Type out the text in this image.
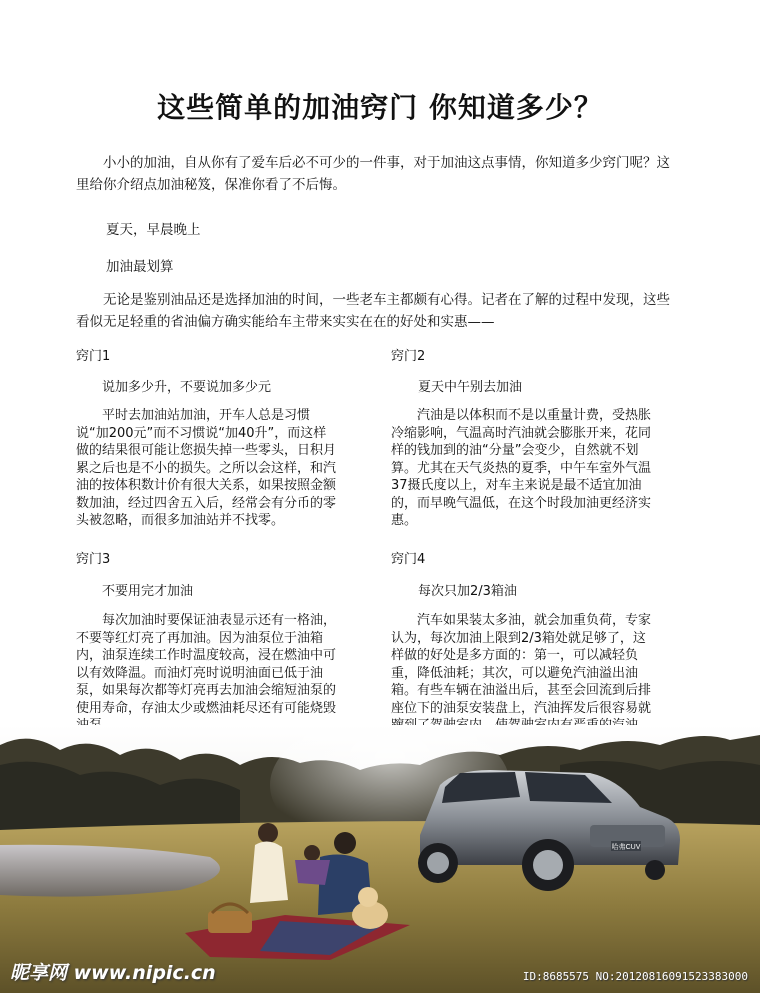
这些简单的加油窍门 你知道多少？
小小的加油，自从你有了爱车后必不可少的一件事，对于加油这点事情，你知道多少窍门呢？这里给你介绍点加油秘笈，保准你看了不后悔。
夏天，早晨晚上
加油最划算
无论是鉴别油品还是选择加油的时间，一些老车主都颇有心得。记者在了解的过程中发现，这些看似无足轻重的省油偏方确实能给车主带来实实在在的好处和实惠——
窍门1
说加多少升，不要说加多少元
平时去加油站加油，开车人总是习惯说“加200元”而不习惯说“加40升”，而这样做的结果很可能让您损失掉一些零头，日积月累之后也是不小的损失。之所以会这样，和汽油的按体积数计价有很大关系，如果按照金额数加油，经过四舍五入后，经常会有分币的零头被忽略，而很多加油站并不找零。
窍门2
夏天中午别去加油
汽油是以体积而不是以重量计费，受热胀冷缩影响，气温高时汽油就会膨胀开来，花同样的钱加到的油“分量”会变少，自然就不划算。尤其在天气炎热的夏季，中午车室外气温37摄氏度以上，对车主来说是最不适宜加油的，而早晚气温低，在这个时段加油更经济实惠。
窍门3
不要用完才加油
每次加油时要保证油表显示还有一格油，不要等红灯亮了再加油。因为油泵位于油箱内，油泵连续工作时温度较高，浸在燃油中可以有效降温。而油灯亮时说明油面已低于油泵，如果每次都等灯亮再去加油会缩短油泵的使用寿命，存油太少或燃油耗尽还有可能烧毁
窍门4
每次只加2/3箱油
汽车如果装太多油，就会加重负荷，专家认为，每次加油上限到2/3箱处就足够了，这样做的好处是多方面的：第一，可以减轻负重，降低油耗；其次，可以避免汽油溢出油箱。有些车辆在油溢出后，甚至会回流到后排座位下的油泵安装盘上，汽油挥发后很容易就
哈弗CUV
昵享网 www.nipic.cn	ID:8685575 NO:20120816091523383000
